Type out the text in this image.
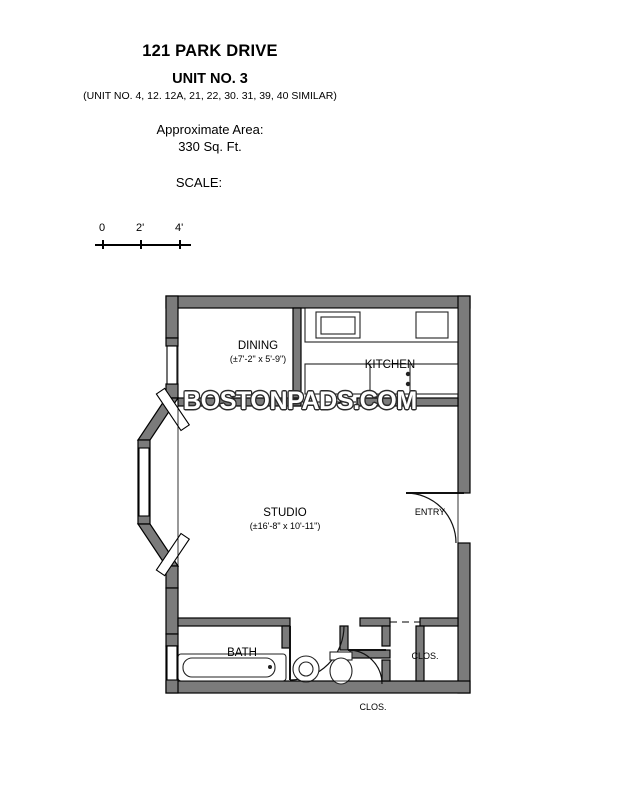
121 PARK DRIVE
UNIT NO. 3
(UNIT NO. 4, 12. 12A, 21, 22, 30. 31, 39, 40 SIMILAR)
Approximate Area:
330 Sq. Ft.
SCALE:
0	2'	4'
BOSTONPADS.COM
DINING
(±7'-2" x 5'-9")	KITCHEN
STUDIO
(±16'-8" x 10'-11")
ENTRY
BATH	CLOS.
CLOS.
